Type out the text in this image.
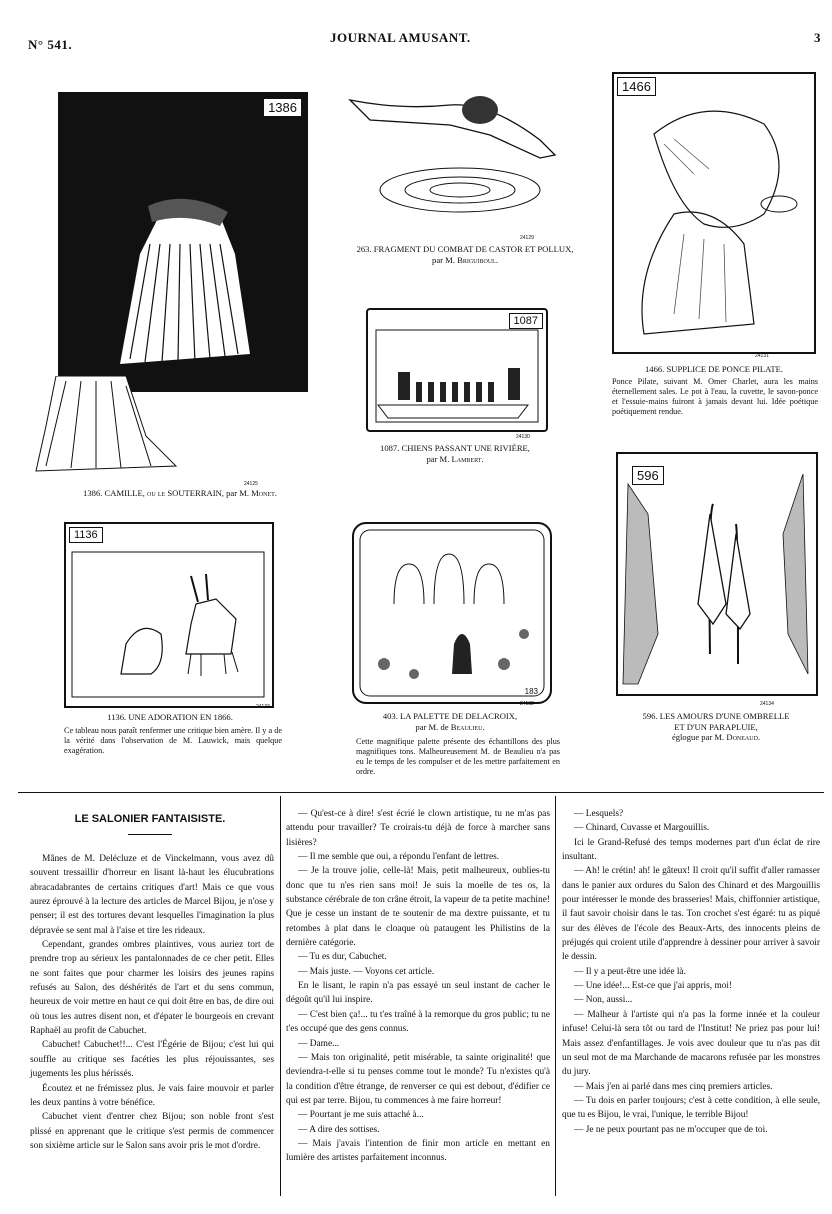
N° 541.	JOURNAL AMUSANT.	3
1386
24125
1386. CAMILLE, ou le SOUTERRAIN, par M. Monet.
24129
263. FRAGMENT DU COMBAT DE CASTOR ET POLLUX,
par M. Briguiboul.
1466
24131
1466. SUPPLICE DE PONCE PILATE.
Ponce Pilate, suivant M. Omer Charlet, aura les mains éternellement sales. Le pot à l'eau, la cuvette, le savon-ponce et l'essuie-mains fuiront à jamais devant lui. Idée poétique poétiquement rendue.
1087
24130
1087. CHIENS PASSANT UNE RIVIÈRE,
par M. Lambert.
1136
24133
1136. UNE ADORATION EN 1866.
Ce tableau nous paraît renfermer une critique bien amère. Il y a de la vérité dans l'observation de M. Lauwick, mais quelque exagération.
183
24132
403. LA PALETTE DE DELACROIX,
par M. de Beaulieu.
Cette magnifique palette présente des échantillons des plus magnifiques tons. Malheureusement M. de Beaulieu n'a pas eu le temps de les compulser et de les mettre parfaitement en ordre.
596
24134
596. LES AMOURS D'UNE OMBRELLE
ET D'UN PARAPLUIE,
églogue par M. Doneaud.
LE SALONIER FANTAISISTE.

Mânes de M. Delécluze et de Vinckelmann, vous avez dû souvent tressaillir d'horreur en lisant là-haut les élucubrations abracadabrantes de certains critiques d'art! Mais ce que vous aurez éprouvé à la lecture des articles de Marcel Bijou, je n'ose y penser; il est des tortures devant lesquelles l'imagination la plus dépravée se sent mal à l'aise et tire les rideaux.

Cependant, grandes ombres plaintives, vous auriez tort de prendre trop au sérieux les pantalonnades de ce cher petit. Elles ne sont faites que pour charmer les loisirs des jeunes rapins refusés au Salon, des déshérités de l'art et du sens commun, heureux de voir mettre en haut ce qui doit être en bas, de dire oui où tous les autres disent non, et d'épater le bourgeois en crevant Raphaël au profit de Cabuchet.

Cabuchet! Cabuchet!!... C'est l'Égérie de Bijou; c'est lui qui souffle au critique ses facéties les plus réjouissantes, ses jugements les plus hérissés.

Écoutez et ne frémissez plus. Je vais faire mouvoir et parler les deux pantins à votre bénéfice.

Cabuchet vient d'entrer chez Bijou; son noble front s'est plissé en apprenant que le critique s'est permis de commencer son sixième article sur le Salon sans avoir pris le mot d'ordre.

— Qu'est-ce à dire! s'est écrié le clown artistique, tu ne m'as pas attendu pour travailler? Te croirais-tu déjà de force à marcher sans lisières?

— Il me semble que oui, a répondu l'enfant de lettres.

— Je la trouve jolie, celle-là! Mais, petit malheureux, oublies-tu donc que tu n'es rien sans moi! Je suis la moelle de tes os, la substance cérébrale de ton crâne étroit, la vapeur de ta petite machine! Que je cesse un instant de te soutenir de ma dextre puissante, et tu retombes à plat dans le cloaque où pataugent les Philistins de la dernière catégorie.

— Tu es dur, Cabuchet.

— Mais juste. — Voyons cet article.

En le lisant, le rapin n'a pas essayé un seul instant de cacher le dégoût qu'il lui inspire.

— C'est bien ça!... tu t'es traîné à la remorque du gros public; tu ne t'es occupé que des gens connus.

— Dame...

— Mais ton originalité, petit misérable, ta sainte originalité! que deviendra-t-elle si tu penses comme tout le monde? Tu n'existes qu'à la condition d'être étrange, de renverser ce qui est debout, d'édifier ce qui est par terre. Bijou, tu commences à me faire horreur!

— Pourtant je me suis attaché à...

— A dire des sottises.

— Mais j'avais l'intention de finir mon article en mettant en lumière des artistes parfaitement inconnus.

— Lesquels?

— Chinard, Cuvasse et Margouillis.

Ici le Grand-Refusé des temps modernes part d'un éclat de rire insultant.

— Ah! le crétin! ah! le gâteux! Il croit qu'il suffit d'aller ramasser dans le panier aux ordures du Salon des Chinard et des Margouillis pour intéresser le monde des brasseries! Mais, chiffonnier artistique, il faut savoir choisir dans le tas. Ton crochet s'est égaré: tu as piqué sur des élèves de l'école des Beaux-Arts, des innocents pleins de préjugés qui croient utile d'apprendre à dessiner pour arriver à savoir le dessin.

— Il y a peut-être une idée là.

— Une idée!... Est-ce que j'ai appris, moi!

— Non, aussi...

— Malheur à l'artiste qui n'a pas la forme innée et la couleur infuse! Celui-là sera tôt ou tard de l'Institut! Ne priez pas pour lui! Mais assez d'enfantillages. Je vois avec douleur que tu n'as pas dit un seul mot de ma Marchande de macarons refusée par les monstres du jury.

— Mais j'en ai parlé dans mes cinq premiers articles.

— Tu dois en parler toujours; c'est à cette condition, à elle seule, que tu es Bijou, le vrai, l'unique, le terrible Bijou!

— Je ne peux pourtant pas ne m'occuper que de toi.
